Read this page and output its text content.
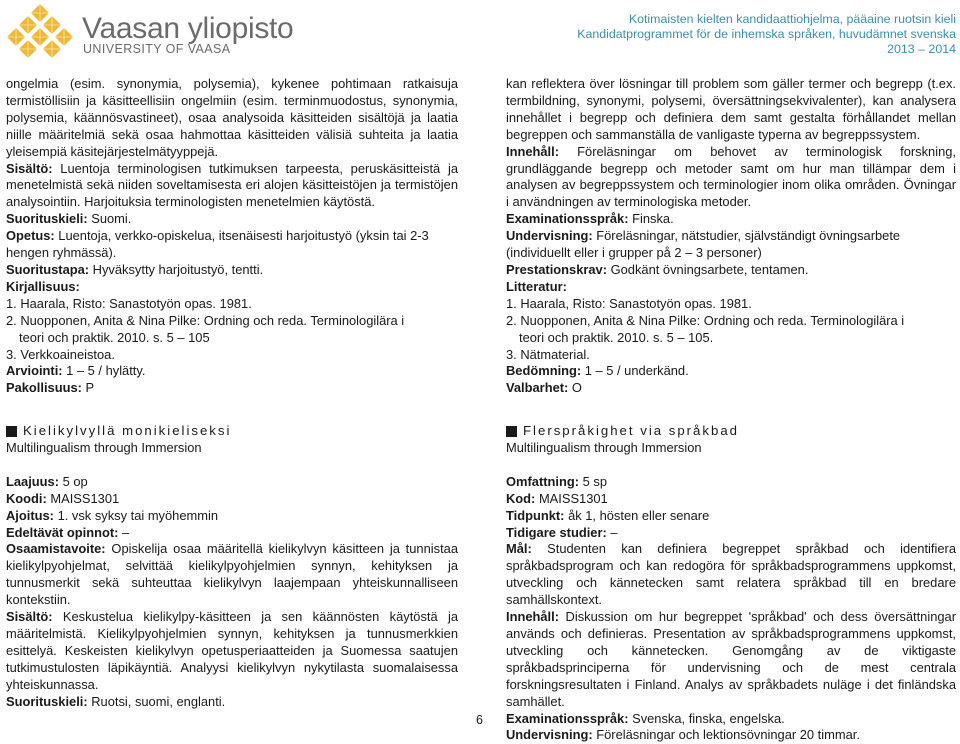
Vaasan yliopisto
UNIVERSITY OF VAASA
Kotimaisten kielten kandidaattiohjelma, pääaine ruotsin kieli
Kandidatprogrammet för de inhemska språken, huvudämnet svenska
2013 – 2014

ongelmia (esim. synonymia, polysemia), kykenee pohtimaan ratkaisuja termistöllisiin ja käsitteellisiin ongelmiin (esim. terminmuodostus, synonymia, polysemia, käännösvastineet), osaa analysoida käsitteiden sisältöjä ja laatia niille määritelmiä sekä osaa hahmottaa käsitteiden välisiä suhteita ja laatia yleisempiä käsitejärjestelmätyyppejä.

Sisältö: Luentoja terminologisen tutkimuksen tarpeesta, peruskäsitteistä ja menetelmistä sekä niiden soveltamisesta eri alojen käsitteistöjen ja termistöjen analysointiin. Harjoituksia terminologisten menetelmien käytöstä.

Suorituskieli: Suomi.

Opetus: Luentoja, verkko-opiskelua, itsenäisesti harjoitustyö (yksin tai 2-3 hengen ryhmässä).

Suoritustapa: Hyväksytty harjoitustyö, tentti.

Kirjallisuus:

1. Haarala, Risto: Sanastotyön opas. 1981.

2. Nuopponen, Anita & Nina Pilke: Ordning och reda. Terminologilära i

teori och praktik. 2010. s. 5 – 105

3. Verkkoaineistoa.

Arviointi: 1 – 5 / hylätty.

Pakollisuus: P

kan reflektera över lösningar till problem som gäller termer och begrepp (t.ex. termbildning, synonymi, polysemi, översättningsekvivalenter), kan analysera innehållet i begrepp och definiera dem samt gestalta förhållandet mellan begreppen och sammanställa de vanligaste typerna av begreppssystem.

Innehåll: Föreläsningar om behovet av terminologisk forskning, grundläggande begrepp och metoder samt om hur man tillämpar dem i analysen av begreppssystem och terminologier inom olika områden. Övningar i användningen av terminologiska metoder.

Examinationsspråk: Finska.

Undervisning: Föreläsningar, nätstudier, självständigt övningsarbete (individuellt eller i grupper på 2 – 3 personer)

Prestationskrav: Godkänt övningsarbete, tentamen.

Litteratur:

1. Haarala, Risto: Sanastotyön opas. 1981.

2. Nuopponen, Anita & Nina Pilke: Ordning och reda. Terminologilära i

teori och praktik. 2010. s. 5 – 105.

3. Nätmaterial.

Bedömning: 1 – 5 / underkänd.

Valbarhet: O

Kielikylvyllä monikieliseksi

Multilingualism through Immersion

Laajuus: 5 op

Koodi: MAISS1301

Ajoitus: 1. vsk syksy tai myöhemmin

Edeltävät opinnot: –

Osaamistavoite: Opiskelija osaa määritellä kielikylvyn käsitteen ja tunnistaa kielikylpyohjelmat, selvittää kielikylpyohjelmien synnyn, kehityksen ja tunnusmerkit sekä suhteuttaa kielikylvyn laajempaan yhteiskunnalliseen kontekstiin.

Sisältö: Keskustelua kielikylpy-käsitteen ja sen käännösten käytöstä ja määritelmistä. Kielikylpyohjelmien synnyn, kehityksen ja tunnusmerkkien esittelyä. Keskeisten kielikylvyn opetusperiaatteiden ja Suomessa saatujen tutkimustulosten läpikäyntiä. Analyysi kielikylvyn nykytilasta suomalaisessa yhteiskunnassa.

Suorituskieli: Ruotsi, suomi, englanti.

Flerspråkighet via språkbad

Multilingualism through Immersion

Omfattning: 5 sp

Kod: MAISS1301

Tidpunkt: åk 1, hösten eller senare

Tidigare studier: –

Mål: Studenten kan definiera begreppet språkbad och identifiera språkbadsprogram och kan redogöra för språkbadsprogrammens uppkomst, utveckling och kännetecken samt relatera språkbad till en bredare samhällskontext.

Innehåll: Diskussion om hur begreppet 'språkbad' och dess översättningar används och definieras. Presentation av språkbadsprogrammens uppkomst, utveckling och kännetecken. Genomgång av de viktigaste språkbadsprinciperna för undervisning och de mest centrala forskningsresultaten i Finland. Analys av språkbadets nuläge i det finländska samhället.

Examinationsspråk: Svenska, finska, engelska.

Undervisning: Föreläsningar och lektionsövningar 20 timmar.

6
